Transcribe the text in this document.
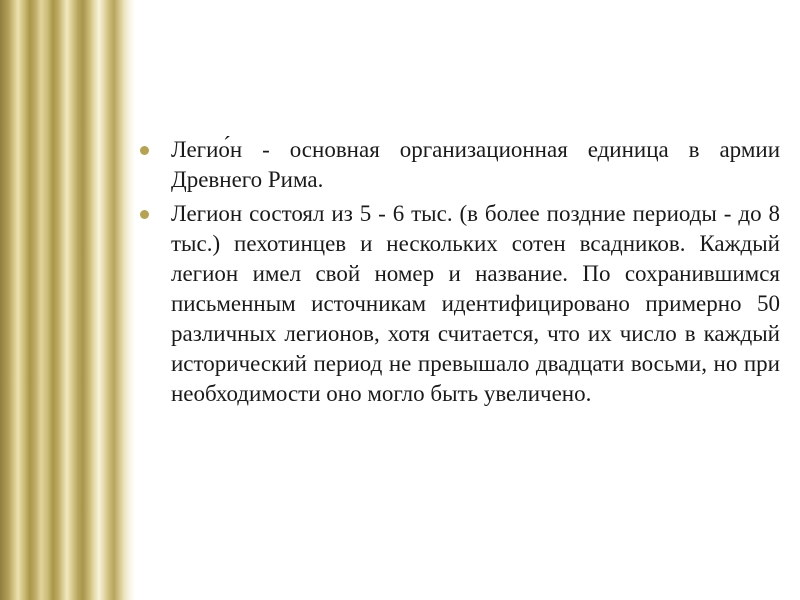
Легио́н - основная организационная единица в армии Древнего Рима.
Легион состоял из 5 - 6 тыс. (в более поздние периоды - до 8 тыс.) пехотинцев и нескольких сотен всадников. Каждый легион имел свой номер и название. По сохранившимся письменным источникам идентифицировано примерно 50 различных легионов, хотя считается, что их число в каждый исторический период не превышало двадцати восьми, но при необходимости оно могло быть увеличено.
